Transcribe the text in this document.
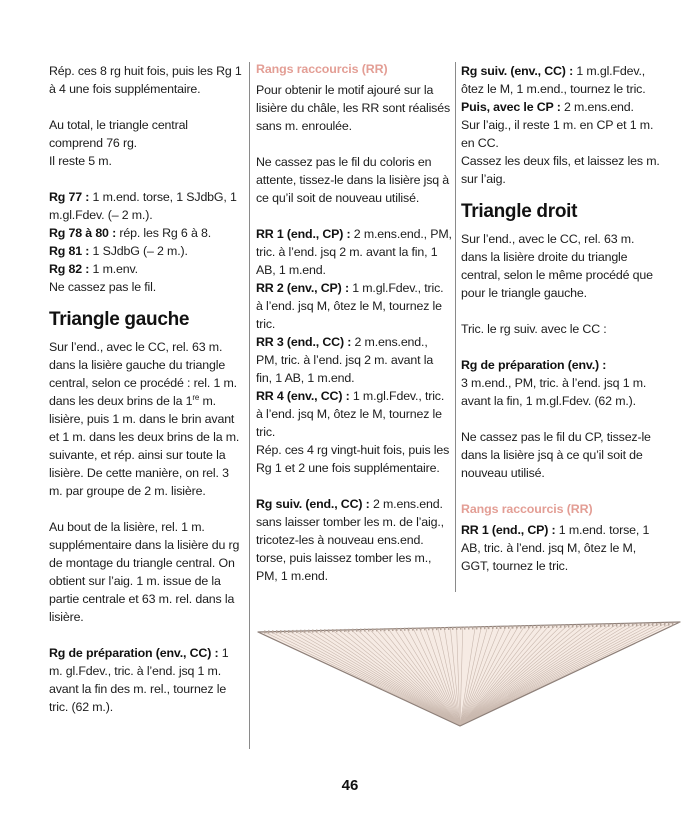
Rép. ces 8 rg huit fois, puis les Rg 1 à 4 une fois supplémentaire.

Au total, le triangle central comprend 76 rg.

Il reste 5 m.

Rg 77 : 1 m.end. torse, 1 SJdbG, 1 m.gl.Fdev. (– 2 m.).

Rg 78 à 80 : rép. les Rg 6 à 8.

Rg 81 : 1 SJdbG (– 2 m.).

Rg 82 : 1 m.env.

Ne cassez pas le fil.

Triangle gauche

Sur l’end., avec le CC, rel. 63 m. dans la lisière gauche du triangle central, selon ce procédé : rel. 1 m. dans les deux brins de la 1re m. lisière, puis 1 m. dans le brin avant et 1 m. dans les deux brins de la m. suivante, et rép. ainsi sur toute la lisière. De cette manière, on rel. 3 m. par groupe de 2 m. lisière.

Au bout de la lisière, rel. 1 m. supplémentaire dans la lisière du rg de montage du triangle central. On obtient sur l’aig. 1 m. issue de la partie centrale et 63 m. rel. dans la lisière.

Rg de préparation (env., CC) : 1 m. gl.Fdev., tric. à l’end. jsq 1 m. avant la fin des m. rel., tournez le tric. (62 m.).

Rangs raccourcis (RR)

Pour obtenir le motif ajouré sur la lisière du châle, les RR sont réalisés sans m. enroulée.

Ne cassez pas le fil du coloris en attente, tissez-le dans la lisière jsq à ce qu’il soit de nouveau utilisé.

RR 1 (end., CP) : 2 m.ens.end., PM, tric. à l’end. jsq 2 m. avant la fin, 1 AB, 1 m.end.

RR 2 (env., CP) : 1 m.gl.Fdev., tric. à l’end. jsq M, ôtez le M, tournez le tric.

RR 3 (end., CC) : 2 m.ens.end., PM, tric. à l’end. jsq 2 m. avant la fin, 1 AB, 1 m.end.

RR 4 (env., CC) : 1 m.gl.Fdev., tric. à l’end. jsq M, ôtez le M, tournez le tric.

Rép. ces 4 rg vingt-huit fois, puis les Rg 1 et 2 une fois supplémentaire.

Rg suiv. (end., CC) : 2 m.ens.end. sans laisser tomber les m. de l’aig., tricotez-les à nouveau ens.end. torse, puis laissez tomber les m., PM, 1 m.end.

Rg suiv. (env., CC) : 1 m.gl.Fdev., ôtez le M, 1 m.end., tournez le tric.

Puis, avec le CP : 2 m.ens.end.

Sur l’aig., il reste 1 m. en CP et 1 m. en CC.

Cassez les deux fils, et laissez les m. sur l’aig.

Triangle droit

Sur l’end., avec le CC, rel. 63 m. dans la lisière droite du triangle central, selon le même procédé que pour le triangle gauche.

Tric. le rg suiv. avec le CC :

Rg de préparation (env.) :

3 m.end., PM, tric. à l’end. jsq 1 m. avant la fin, 1 m.gl.Fdev. (62 m.).

Ne cassez pas le fil du CP, tissez-le dans la lisière jsq à ce qu’il soit de nouveau utilisé.

Rangs raccourcis (RR)

RR 1 (end., CP) : 1 m.end. torse, 1 AB, tric. à l’end. jsq M, ôtez le M, GGT, tournez le tric.

46
